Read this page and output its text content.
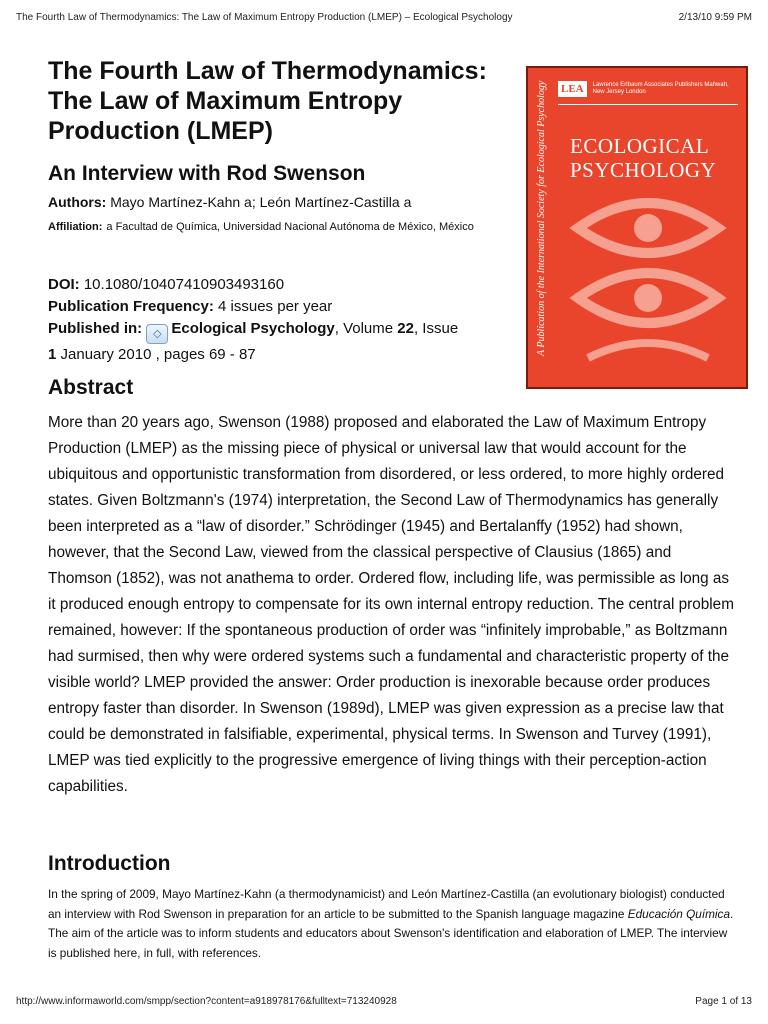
The Fourth Law of Thermodynamics: The Law of Maximum Entropy Production (LMEP) – Ecological Psychology	2/13/10 9:59 PM
The Fourth Law of Thermodynamics: The Law of Maximum Entropy Production (LMEP)
LEA	Lawrence Erlbaum Associates Publishers Mahwah, New Jersey London
ECOLOGICAL
PSYCHOLOGY
A Publication of the International Society for Ecological Psychology
An Interview with Rod Swenson
Authors: Mayo Martínez-Kahn a; León Martínez-Castilla a
Affiliation: a Facultad de Química, Universidad Nacional Autónoma de México, México
DOI: 10.1080/10407410903493160
Publication Frequency: 4 issues per year
Published in: ◇ Ecological Psychology, Volume 22, Issue
1 January 2010 , pages 69 - 87
Abstract

More than 20 years ago, Swenson (1988) proposed and elaborated the Law of Maximum Entropy Production (LMEP) as the missing piece of physical or universal law that would account for the ubiquitous and opportunistic transformation from disordered, or less ordered, to more highly ordered states. Given Boltzmann's (1974) interpretation, the Second Law of Thermodynamics has generally been interpreted as a “law of disorder.” Schrödinger (1945) and Bertalanffy (1952) had shown, however, that the Second Law, viewed from the classical perspective of Clausius (1865) and Thomson (1852), was not anathema to order. Ordered flow, including life, was permissible as long as it produced enough entropy to compensate for its own internal entropy reduction. The central problem remained, however: If the spontaneous production of order was “infinitely improbable,” as Boltzmann had surmised, then why were ordered systems such a fundamental and characteristic property of the visible world? LMEP provided the answer: Order production is inexorable because order produces entropy faster than disorder. In Swenson (1989d), LMEP was given expression as a precise law that could be demonstrated in falsifiable, experimental, physical terms. In Swenson and Turvey (1991), LMEP was tied explicitly to the progressive emergence of living things with their perception-action capabilities.

Introduction

In the spring of 2009, Mayo Martínez-Kahn (a thermodynamicist) and León Martínez-Castilla (an evolutionary biologist) conducted an interview with Rod Swenson in preparation for an article to be submitted to the Spanish language magazine Educación Química. The aim of the article was to inform students and educators about Swenson's identification and elaboration of LMEP. The interview is published here, in full, with references.

http://www.informaworld.com/smpp/section?content=a918978176&fulltext=713240928	Page 1 of 13
